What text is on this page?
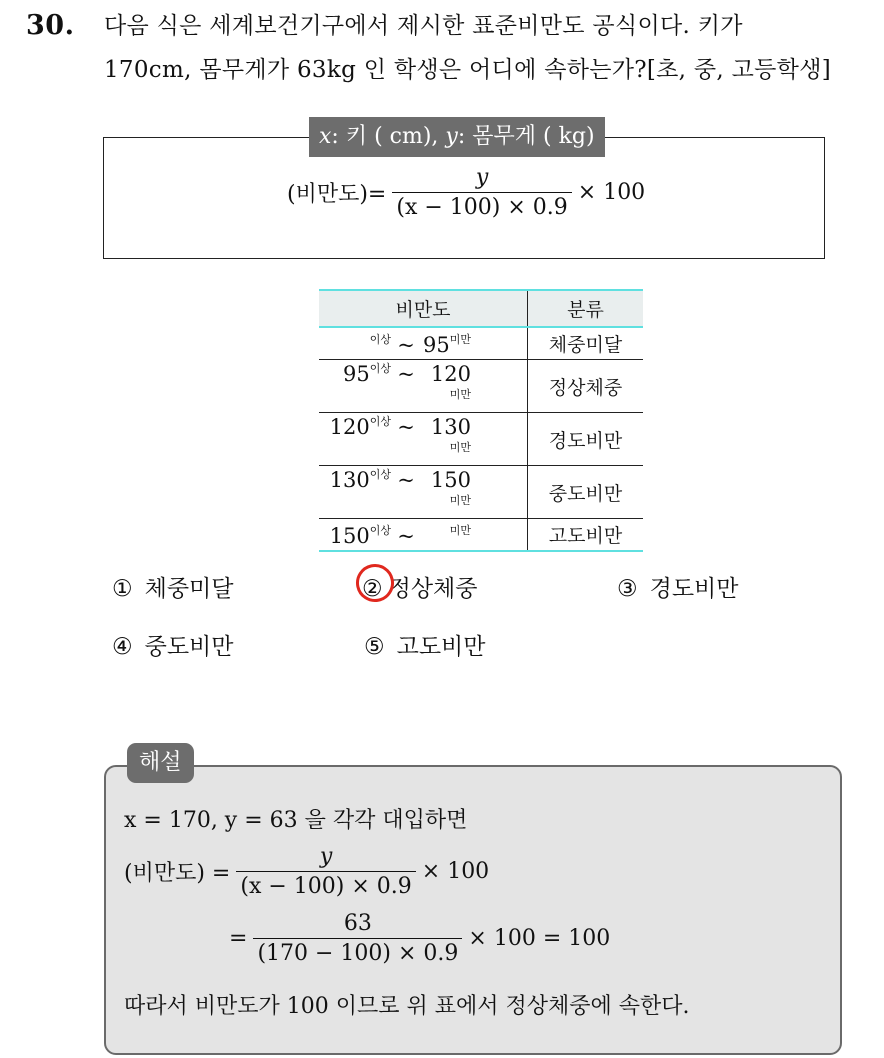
30. 다음 식은 세계보건기구에서 제시한 표준비만도 공식이다. 키가
170cm, 몸무게가 63kg 인 학생은 어디에 속하는가?[초, 중, 고등학생]
x: 키 ( cm), y: 몸무게 ( kg)
(비만도)= $\frac{y}{(x - 100) \times 0.9} \times 100$
비만도	분류

$^{이상}$ ~ $95^{미만}$	체중미달

$95^{이상}$ ~ $120^{미만}$	정상체중

$120^{이상}$ ~ $130^{미만}$	경도비만

$130^{이상}$ ~ $150^{미만}$	중도비만

$150^{이상}$ ~ $^{미만}$	고도비만
① 체중미달	② 정상체중	③ 경도비만
④ 중도비만	⑤ 고도비만
해설
x = 170, y = 63 을 각각 대입하면
(비만도) = $\frac{y}{(x - 100) \times 0.9} \times 100$
= $\frac{63}{(170 - 100) \times 0.9} \times 100 = 100$
따라서 비만도가 100 이므로 위 표에서 정상체중에 속한다.
